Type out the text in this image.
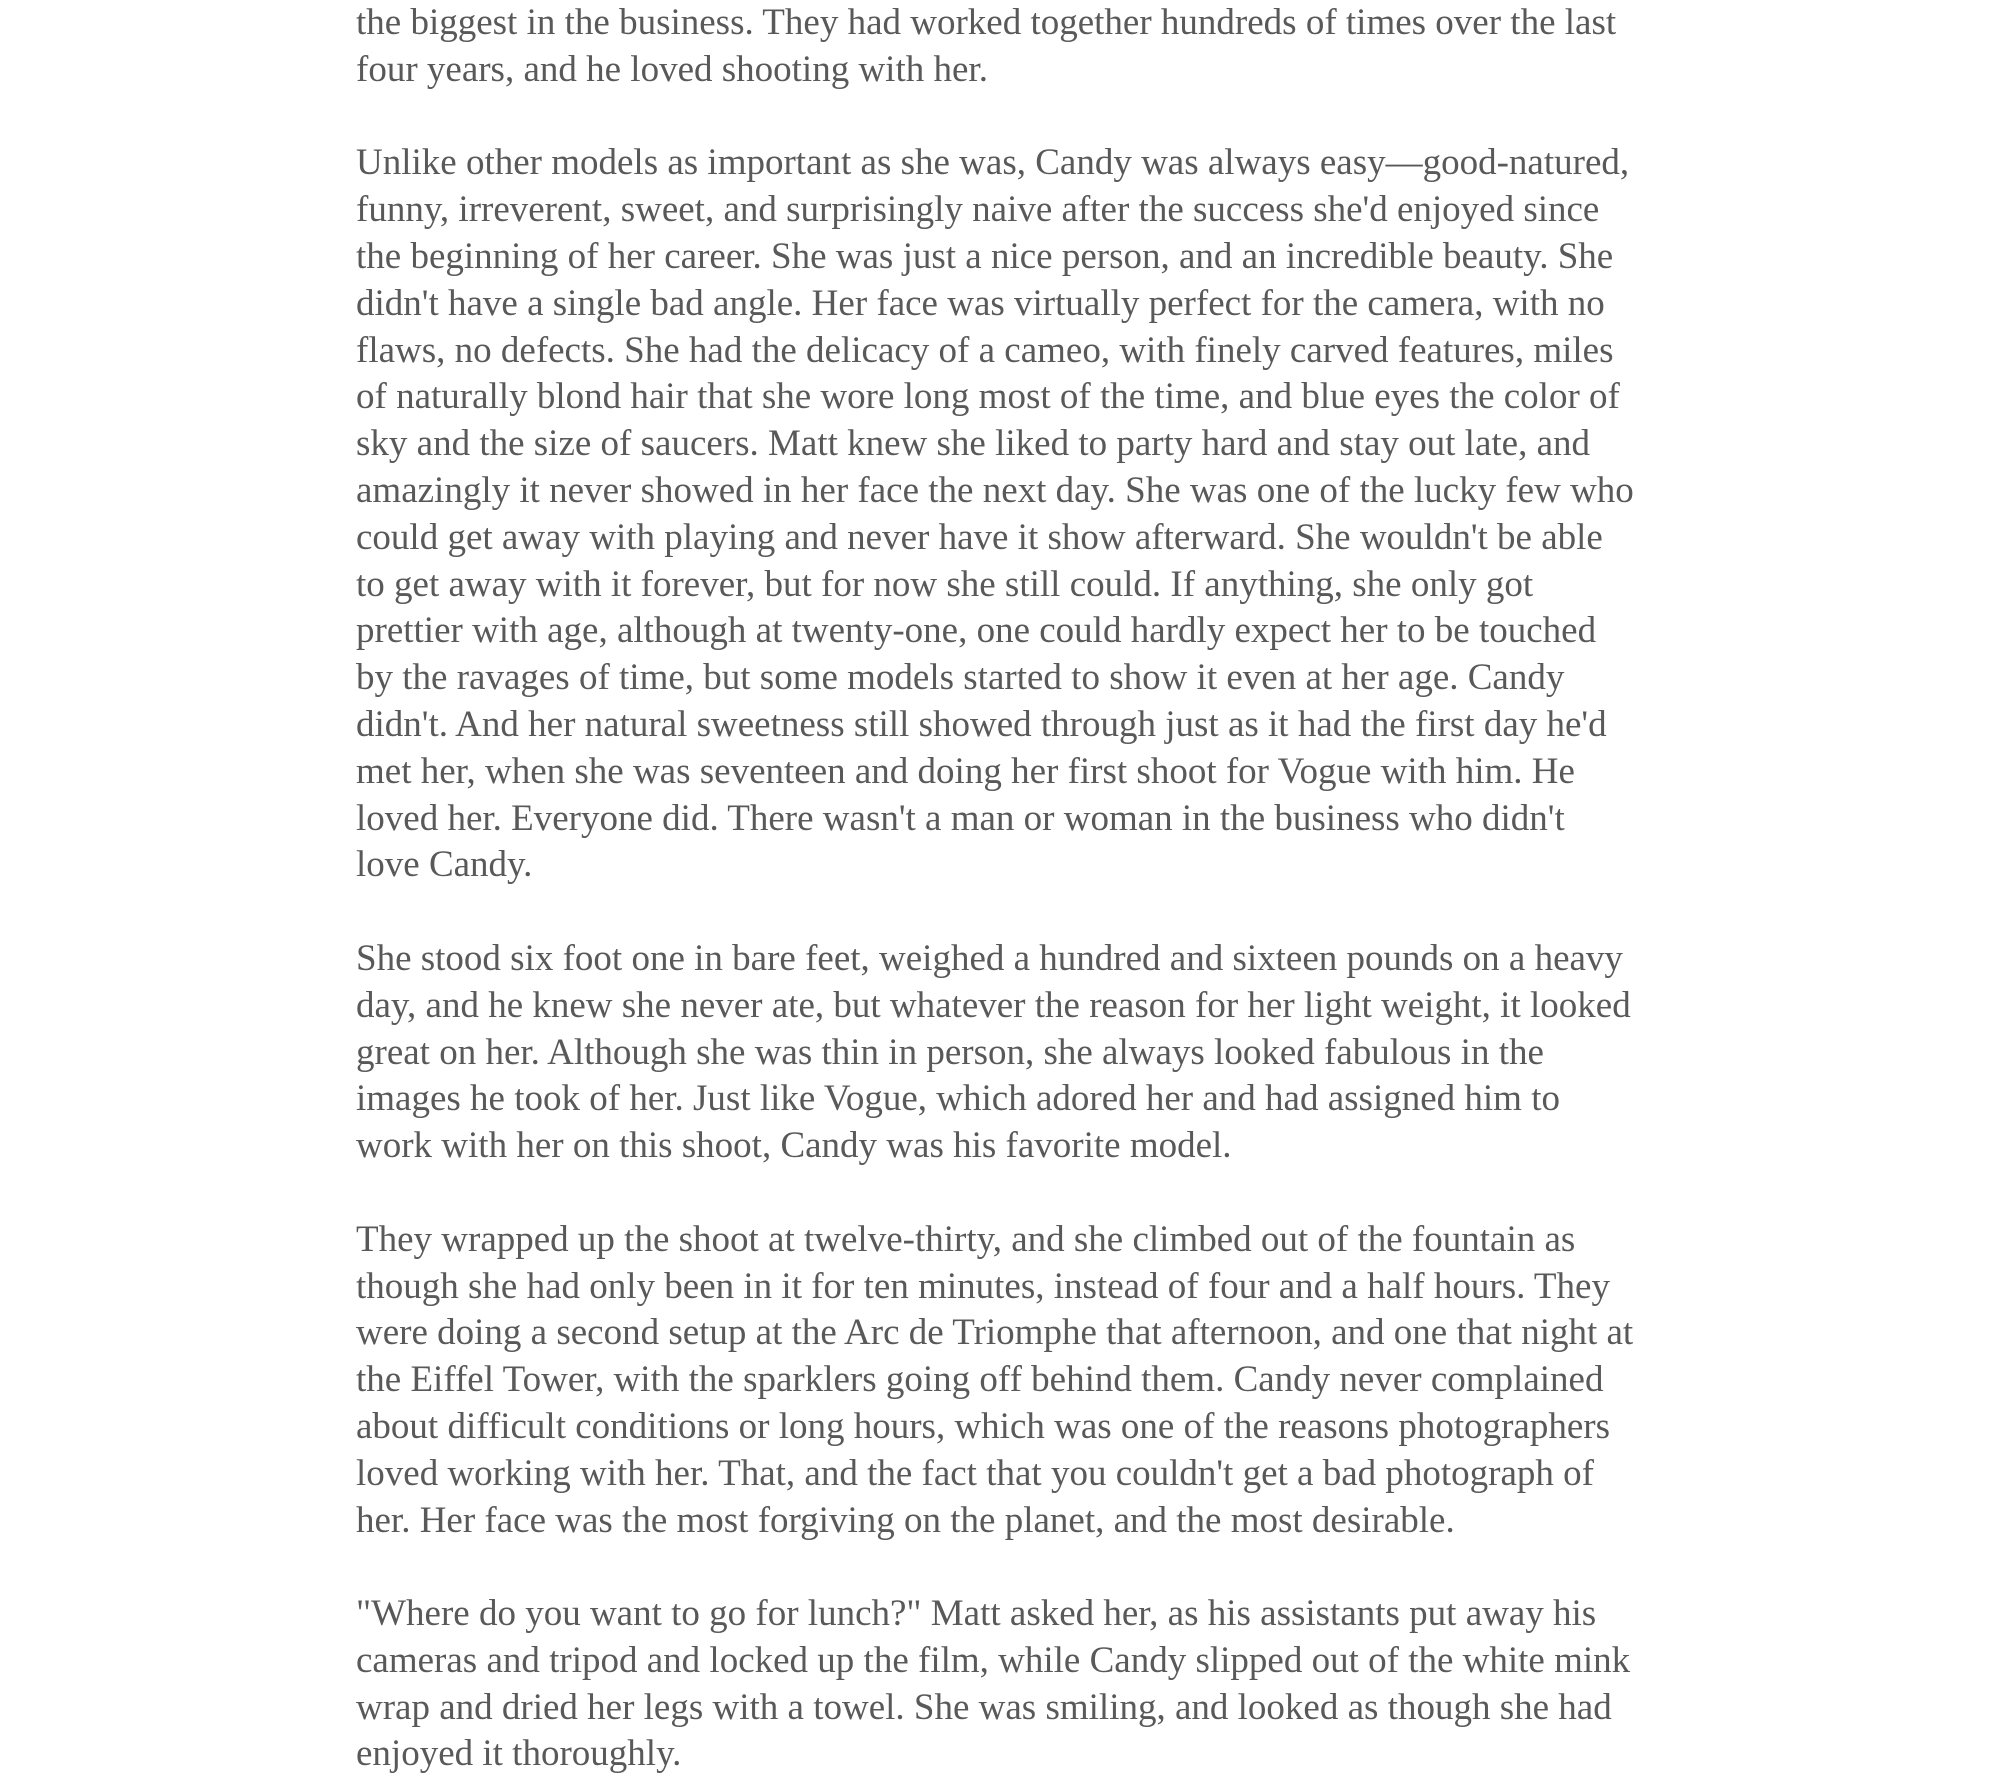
the biggest in the business. They had worked together hundreds of times over the last
four years, and he loved shooting with her.

Unlike other models as important as she was, Candy was always easy—good-natured,
funny, irreverent, sweet, and surprisingly naive after the success she'd enjoyed since
the beginning of her career. She was just a nice person, and an incredible beauty. She
didn't have a single bad angle. Her face was virtually perfect for the camera, with no
flaws, no defects. She had the delicacy of a cameo, with finely carved features, miles
of naturally blond hair that she wore long most of the time, and blue eyes the color of
sky and the size of saucers. Matt knew she liked to party hard and stay out late, and
amazingly it never showed in her face the next day. She was one of the lucky few who
could get away with playing and never have it show afterward. She wouldn't be able
to get away with it forever, but for now she still could. If anything, she only got
prettier with age, although at twenty-one, one could hardly expect her to be touched
by the ravages of time, but some models started to show it even at her age. Candy
didn't. And her natural sweetness still showed through just as it had the first day he'd
met her, when she was seventeen and doing her first shoot for Vogue with him. He
loved her. Everyone did. There wasn't a man or woman in the business who didn't
love Candy.

She stood six foot one in bare feet, weighed a hundred and sixteen pounds on a heavy
day, and he knew she never ate, but whatever the reason for her light weight, it looked
great on her. Although she was thin in person, she always looked fabulous in the
images he took of her. Just like Vogue, which adored her and had assigned him to
work with her on this shoot, Candy was his favorite model.

They wrapped up the shoot at twelve-thirty, and she climbed out of the fountain as
though she had only been in it for ten minutes, instead of four and a half hours. They
were doing a second setup at the Arc de Triomphe that afternoon, and one that night at
the Eiffel Tower, with the sparklers going off behind them. Candy never complained
about difficult conditions or long hours, which was one of the reasons photographers
loved working with her. That, and the fact that you couldn't get a bad photograph of
her. Her face was the most forgiving on the planet, and the most desirable.

"Where do you want to go for lunch?" Matt asked her, as his assistants put away his
cameras and tripod and locked up the film, while Candy slipped out of the white mink
wrap and dried her legs with a towel. She was smiling, and looked as though she had
enjoyed it thoroughly.
